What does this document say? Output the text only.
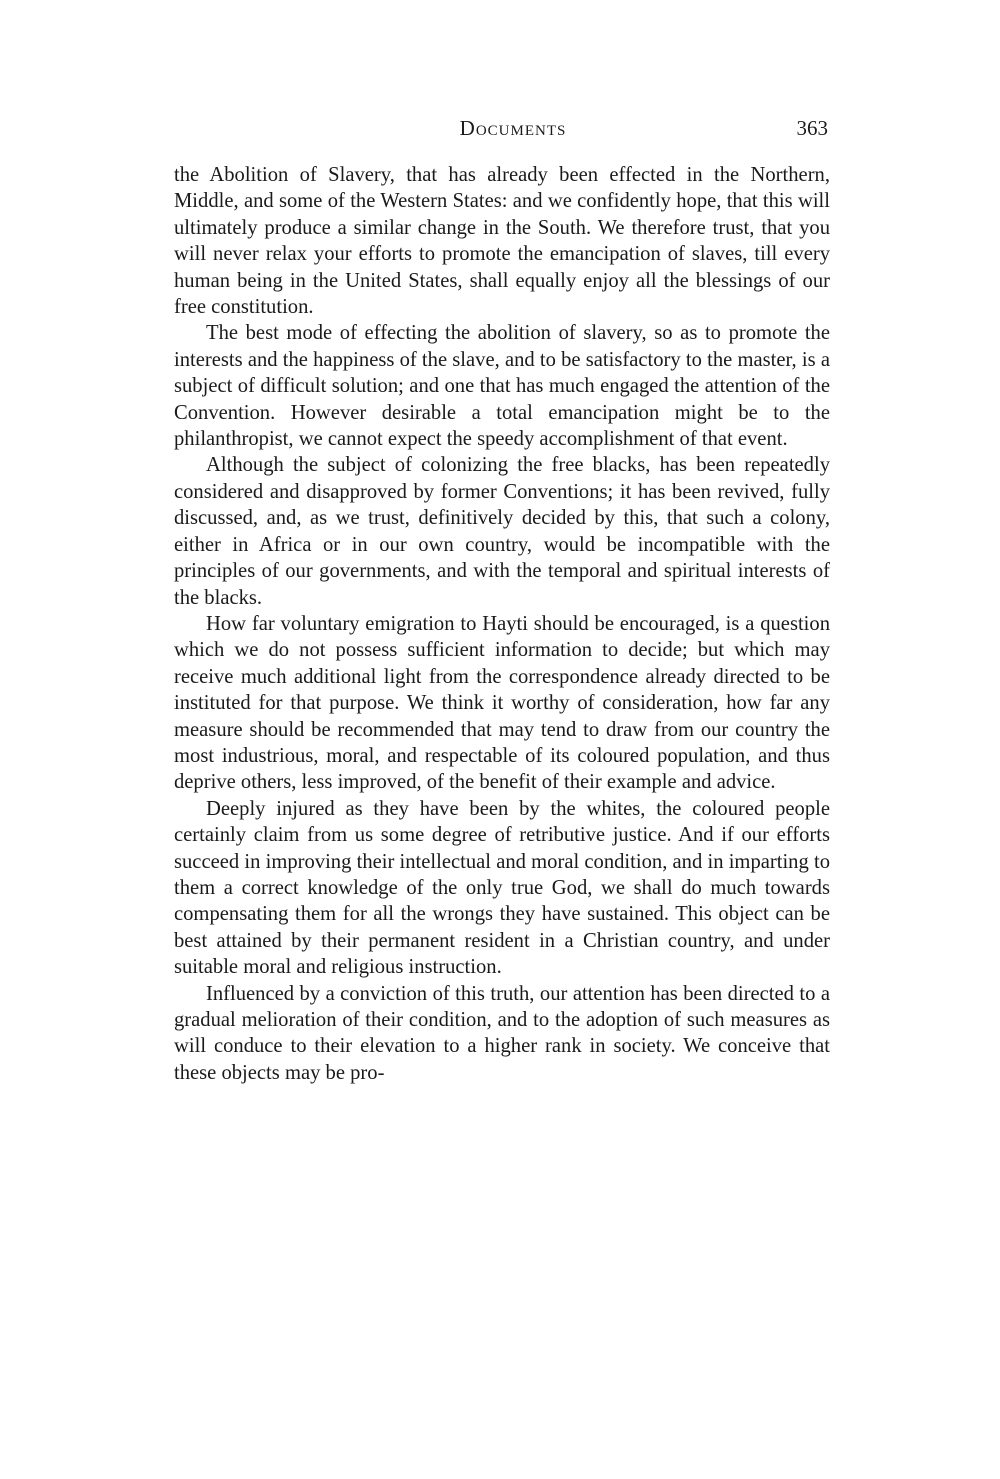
Documents	363

the Abolition of Slavery, that has already been effected in the Northern, Middle, and some of the Western States: and we confidently hope, that this will ultimately produce a similar change in the South. We therefore trust, that you will never relax your efforts to promote the emancipation of slaves, till every human being in the United States, shall equally enjoy all the blessings of our free constitution.

The best mode of effecting the abolition of slavery, so as to promote the interests and the happiness of the slave, and to be satisfactory to the master, is a subject of difficult solution; and one that has much engaged the attention of the Convention. However desirable a total emancipation might be to the philanthropist, we cannot expect the speedy accomplishment of that event.

Although the subject of colonizing the free blacks, has been repeatedly considered and disapproved by former Conventions; it has been revived, fully discussed, and, as we trust, definitively decided by this, that such a colony, either in Africa or in our own country, would be incompatible with the principles of our governments, and with the temporal and spiritual interests of the blacks.

How far voluntary emigration to Hayti should be encouraged, is a question which we do not possess sufficient information to decide; but which may receive much additional light from the correspondence already directed to be instituted for that purpose. We think it worthy of consideration, how far any measure should be recommended that may tend to draw from our country the most industrious, moral, and respectable of its coloured population, and thus deprive others, less improved, of the benefit of their example and advice.

Deeply injured as they have been by the whites, the coloured people certainly claim from us some degree of retributive justice. And if our efforts succeed in improving their intellectual and moral condition, and in imparting to them a correct knowledge of the only true God, we shall do much towards compensating them for all the wrongs they have sustained. This object can be best attained by their permanent resident in a Christian country, and under suitable moral and religious instruction.

Influenced by a conviction of this truth, our attention has been directed to a gradual melioration of their condition, and to the adoption of such measures as will conduce to their elevation to a higher rank in society. We conceive that these objects may be pro-
